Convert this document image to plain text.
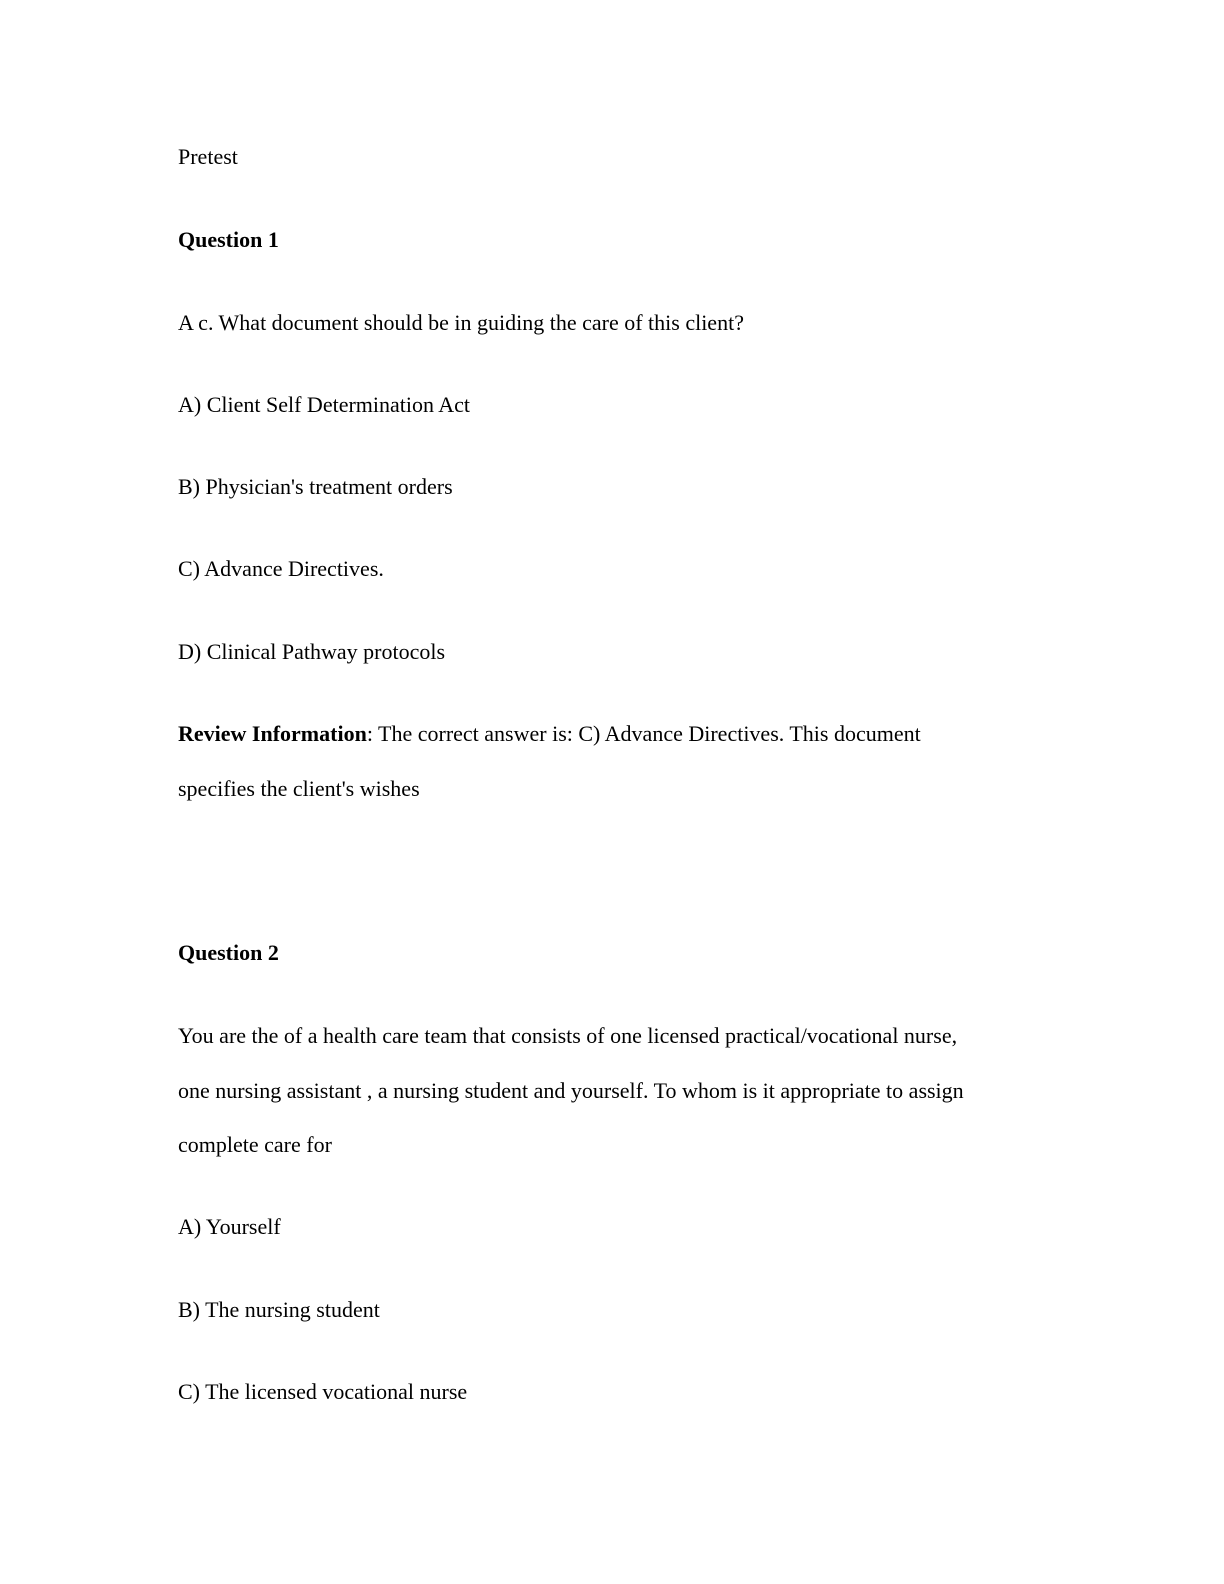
Pretest
Question 1
A c. What document should be in guiding the care of this client?
A) Client Self Determination Act
B) Physician's treatment orders
C) Advance Directives.
D) Clinical Pathway protocols
Review Information: The correct answer is: C) Advance Directives. This document
specifies the client's wishes
Question 2
You are the of a health care team that consists of one licensed practical/vocational nurse,
one nursing assistant , a nursing student and yourself. To whom is it appropriate to assign
complete care for
A) Yourself
B) The nursing student
C) The licensed vocational nurse
